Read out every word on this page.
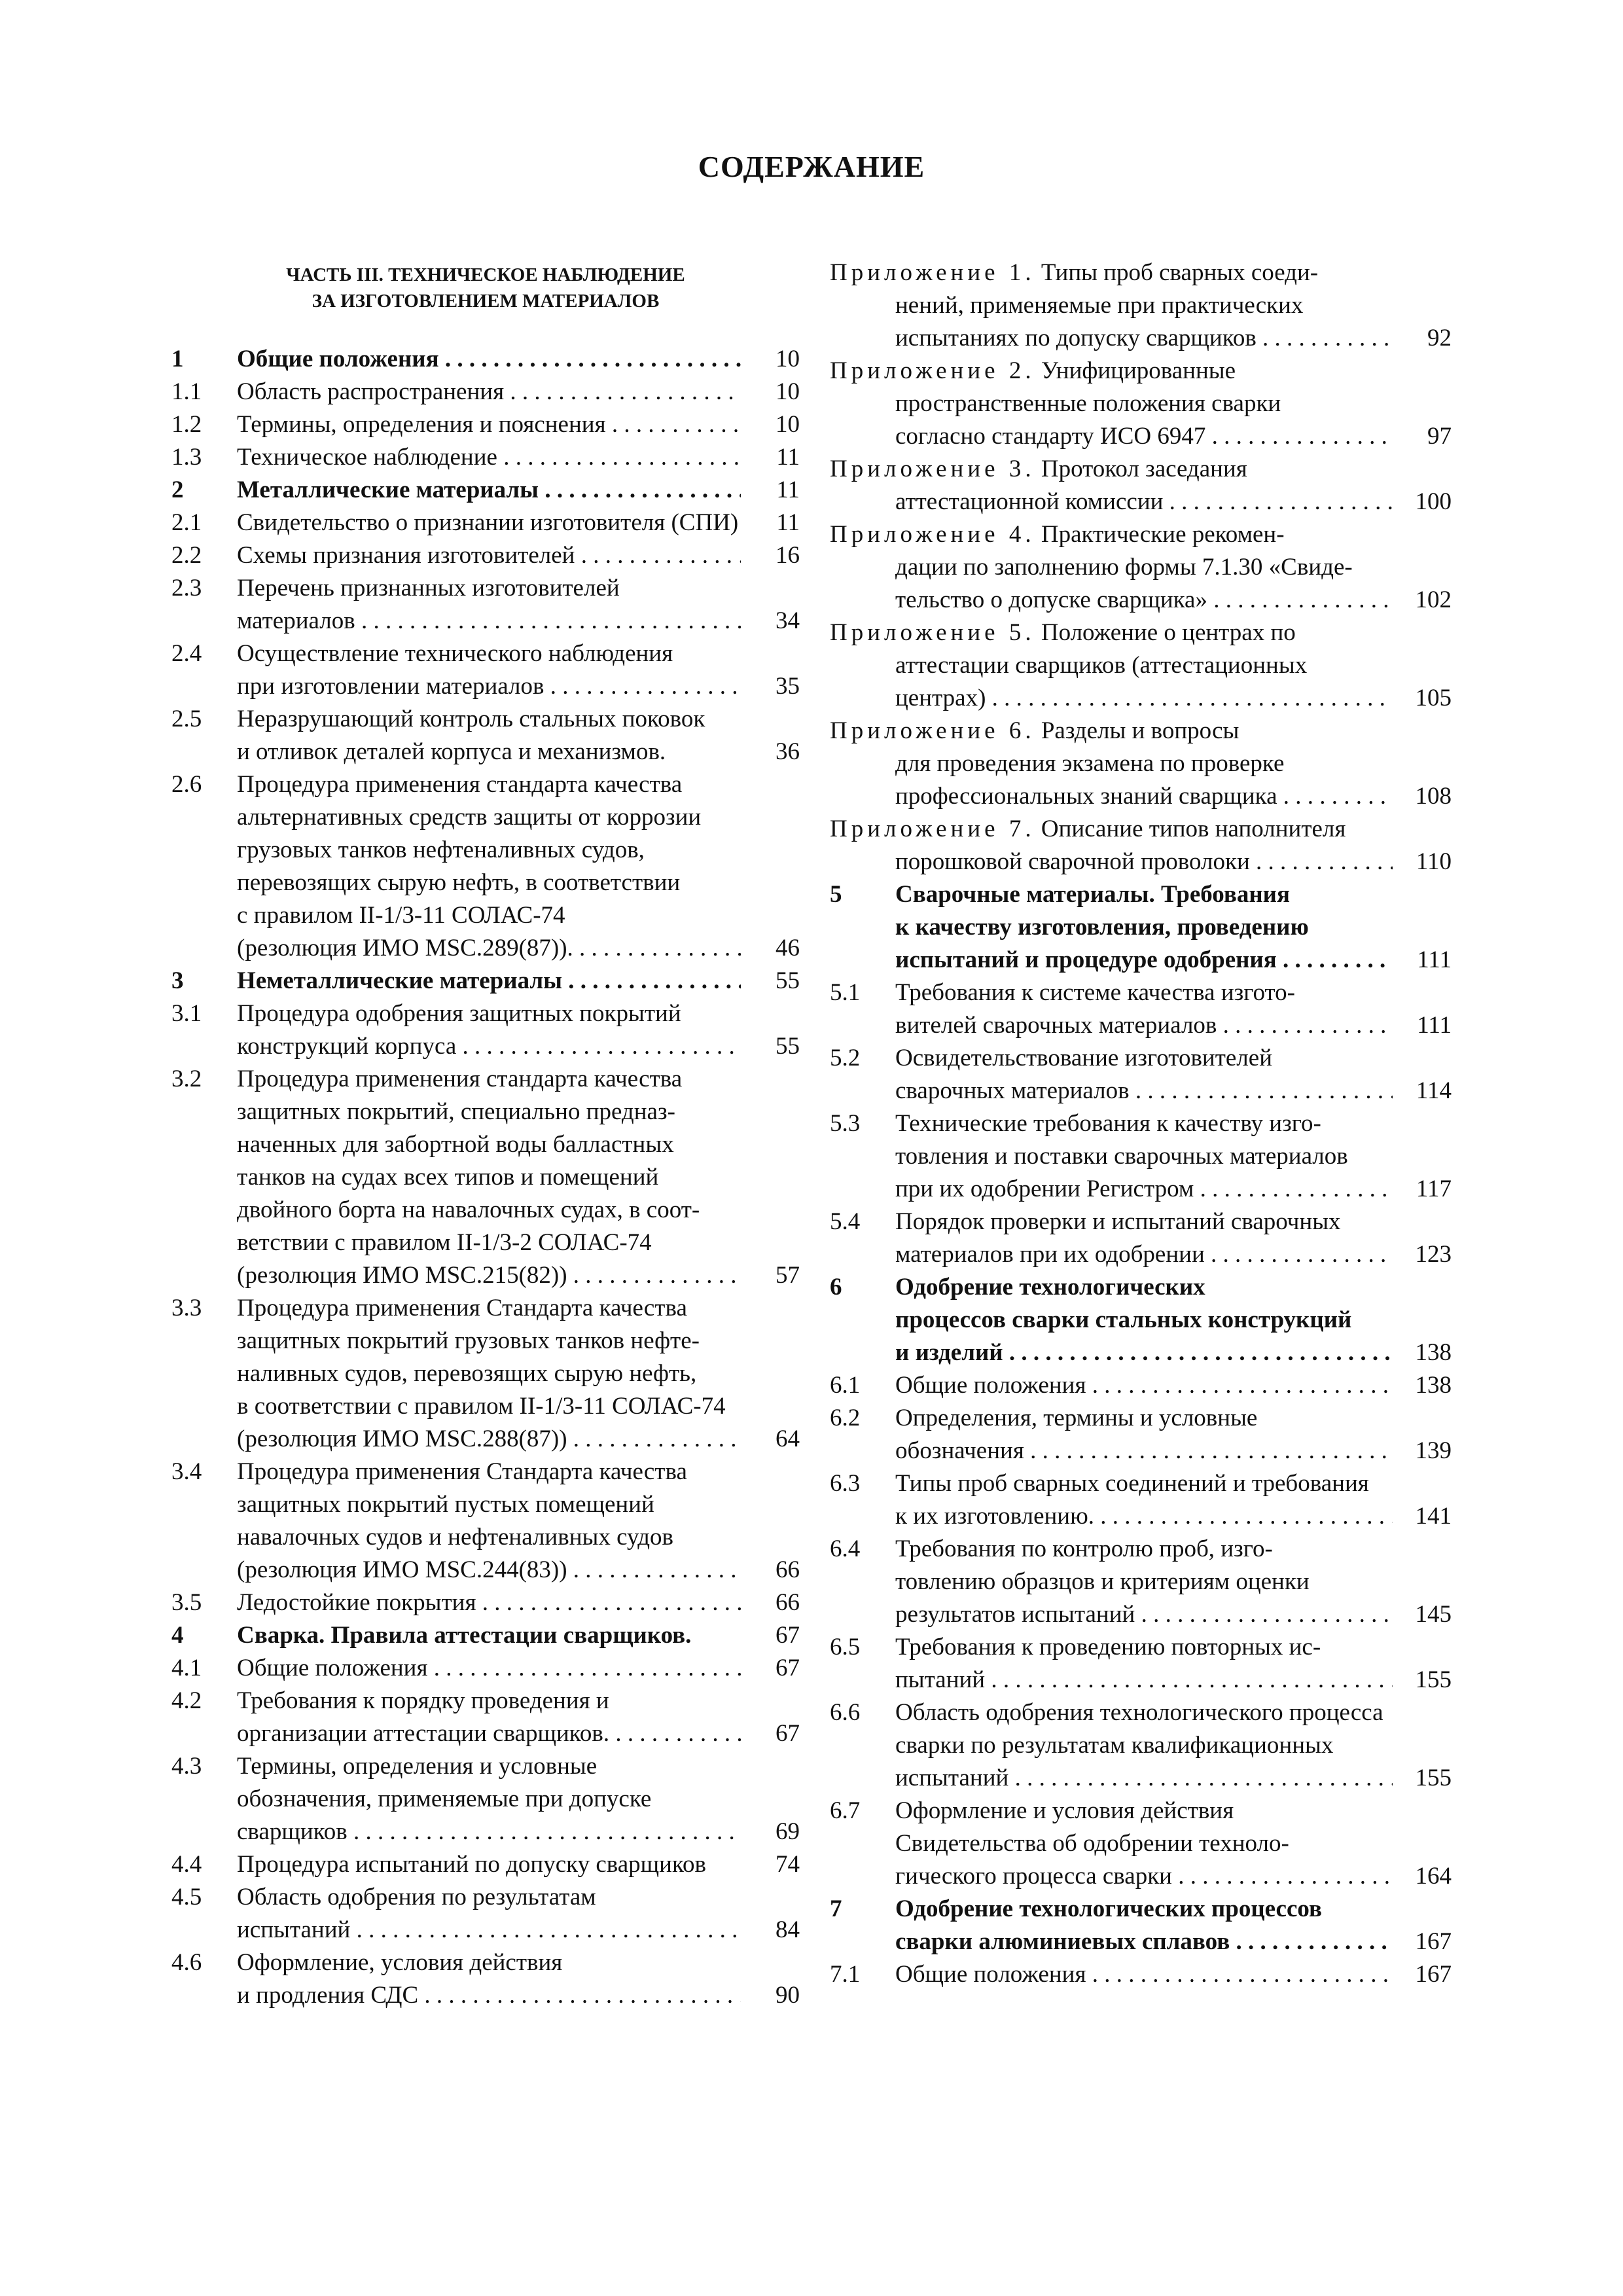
СОДЕРЖАНИЕ
ЧАСТЬ III. ТЕХНИЧЕСКОЕ НАБЛЮДЕНИЕ
ЗА ИЗГОТОВЛЕНИЕМ МАТЕРИАЛОВ
1 Общие положения . . .	10
1.1 Область распространения . . .	10
1.2 Термины, определения и пояснения . . .	10
1.3 Техническое наблюдение . . .	11
2 Металлические материалы . . .	11
2.1 Свидетельство о признании изготовителя (СПИ) 11
2.2 Схемы признания изготовителей . . .	16
2.3 Перечень признанных изготовителей
материалов . . .	34
2.4 Осуществление технического наблюдения
при изготовлении материалов . . .	35
2.5 Неразрушающий контроль стальных поковок
и отливок деталей корпуса и механизмов.	36
2.6 Процедура применения стандарта качества
альтернативных средств защиты от коррозии
грузовых танков нефтеналивных судов,
перевозящих сырую нефть, в соответствии
с правилом II-1/3-11 СОЛАС-74
(резолюция ИМО MSC.289(87)). . . .	46
3 Неметаллические материалы . . .	55
3.1 Процедура одобрения защитных покрытий
конструкций корпуса . . .	55
3.2 Процедура применения стандарта качества
защитных покрытий, специально предназ-
наченных для забортной воды балластных
танков на судах всех типов и помещений
двойного борта на навалочных судах, в соот-
ветствии с правилом II-1/3-2 СОЛАС-74
(резолюция ИМО MSC.215(82)) . . .	57
3.3 Процедура применения Стандарта качества
защитных покрытий грузовых танков нефте-
наливных судов, перевозящих сырую нефть,
в соответствии с правилом II-1/3-11 СОЛАС-74
(резолюция ИМО MSC.288(87)) . . .	64
3.4 Процедура применения Стандарта качества
защитных покрытий пустых помещений
навалочных судов и нефтеналивных судов
(резолюция ИМО MSC.244(83)) . . .	66
3.5 Ледостойкие покрытия . . .	66
4 Сварка. Правила аттестации сварщиков.	67
4.1 Общие положения . . .	67
4.2 Требования к порядку проведения и
организации аттестации сварщиков. . . .	67
4.3 Термины, определения и условные
обозначения, применяемые при допуске
сварщиков . . .	69
4.4 Процедура испытаний по допуску сварщиков	74
4.5 Область одобрения по результатам
испытаний . . .	84
4.6 Оформление, условия действия
и продления СДС . . .	90
Приложение 1. Типы проб сварных соеди-
нений, применяемые при практических
испытаниях по допуску сварщиков . . .	92
Приложение 2. Унифицированные
пространственные положения сварки
согласно стандарту ИСО 6947 . . .	97
Приложение 3. Протокол заседания
аттестационной комиссии . . .	100
Приложение 4. Практические рекомен-
дации по заполнению формы 7.1.30 «Свиде-
тельство о допуске сварщика» . . .	102
Приложение 5. Положение о центрах по
аттестации сварщиков (аттестационных
центрах) . . .	105
Приложение 6. Разделы и вопросы
для проведения экзамена по проверке
профессиональных знаний сварщика . . .	108
Приложение 7. Описание типов наполнителя
порошковой сварочной проволоки . . .	110
5 Сварочные материалы. Требования
к качеству изготовления, проведению
испытаний и процедуре одобрения . . .	111
5.1 Требования к системе качества изгото-
вителей сварочных материалов . . .	111
5.2 Освидетельствование изготовителей
сварочных материалов . . .	114
5.3 Технические требования к качеству изго-
товления и поставки сварочных материалов
при их одобрении Регистром . . .	117
5.4 Порядок проверки и испытаний сварочных
материалов при их одобрении . . .	123
6 Одобрение технологических
процессов сварки стальных конструкций
и изделий . . .	138
6.1 Общие положения . . .	138
6.2 Определения, термины и условные
обозначения . . .	139
6.3 Типы проб сварных соединений и требования
к их изготовлению. . . .	141
6.4 Требования по контролю проб, изго-
товлению образцов и критериям оценки
результатов испытаний . . .	145
6.5 Требования к проведению повторных ис-
пытаний . . .	155
6.6 Область одобрения технологического процесса
сварки по результатам квалификационных
испытаний . . .	155
6.7 Оформление и условия действия
Свидетельства об одобрении техноло-
гического процесса сварки . . .	164
7 Одобрение технологических процессов
сварки алюминиевых сплавов . . .	167
7.1 Общие положения . . .	167
